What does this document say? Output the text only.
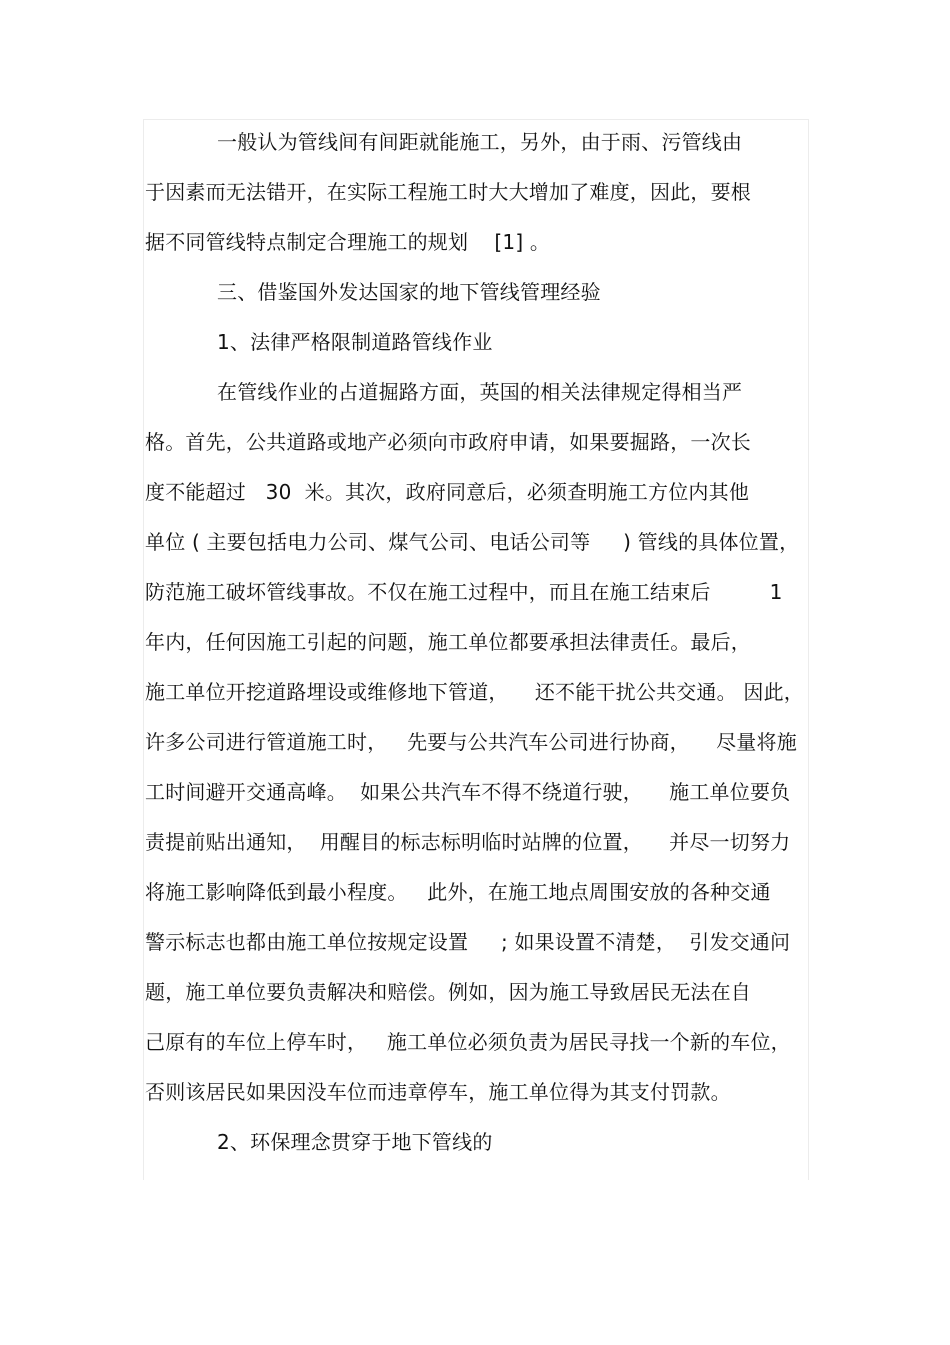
一般认为管线间有间距就能施工，另外，由于雨、污管线由
于因素而无法错开，在实际工程施工时大大增加了难度，因此，要根
据不同管线特点制定合理施工的规划    [1] 。
三、借鉴国外发达国家的地下管线管理经验
1、法律严格限制道路管线作业
在管线作业的占道掘路方面，英国的相关法律规定得相当严
格。首先，公共道路或地产必须向市政府申请，如果要掘路，一次长
度不能超过   30  米。其次，政府同意后，必须查明施工方位内其他
单位 ( 主要包括电力公司、煤气公司、电话公司等     ) 管线的具体位置，
防范施工破坏管线事故。不仅在施工过程中，而且在施工结束后         1
年内，任何因施工引起的问题，施工单位都要承担法律责任。最后，
施工单位开挖道路埋设或维修地下管道，    还不能干扰公共交通。 因此，
许多公司进行管道施工时，   先要与公共汽车公司进行协商，    尽量将施
工时间避开交通高峰。  如果公共汽车不得不绕道行驶，    施工单位要负
责提前贴出通知，  用醒目的标志标明临时站牌的位置，    并尽一切努力
将施工影响降低到最小程度。   此外，在施工地点周围安放的各种交通
警示标志也都由施工单位按规定设置     ; 如果设置不清楚，  引发交通问
题，施工单位要负责解决和赔偿。例如，因为施工导致居民无法在自
己原有的车位上停车时，   施工单位必须负责为居民寻找一个新的车位，
否则该居民如果因没车位而违章停车，施工单位得为其支付罚款。
2、环保理念贯穿于地下管线的
